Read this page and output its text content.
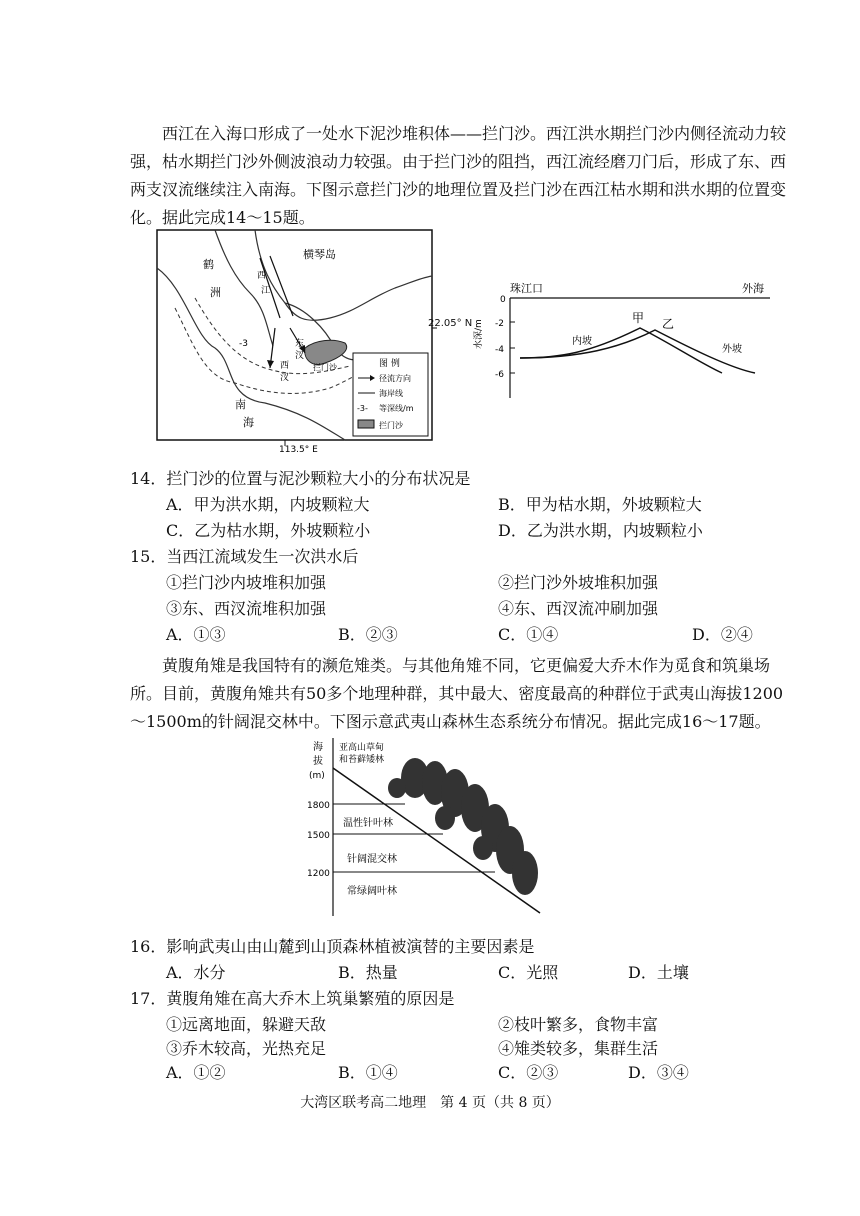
西江在入海口形成了一处水下泥沙堆积体——拦门沙。西江洪水期拦门沙内侧径流动力较强，枯水期拦门沙外侧波浪动力较强。由于拦门沙的阻挡，西江流经磨刀门后，形成了东、西两支汊流继续注入南海。下图示意拦门沙的地理位置及拦门沙在西江枯水期和洪水期的位置变化。据此完成14～15题。

鹤
洲
横琴岛
西
江
东
汊
西
汊
南
海
拦门沙
-3
113.5° E
图 例
径流方向
海岸线
-3- 等深线/m
拦门沙
22.05° N
珠江口	外海
0
-2
-4
-6
水深/m
甲 乙
内坡
外坡
14．拦门沙的位置与泥沙颗粒大小的分布状况是
A．甲为洪水期，内坡颗粒大	B．甲为枯水期，外坡颗粒大
C．乙为枯水期，外坡颗粒小	D．乙为洪水期，内坡颗粒小
15．当西江流域发生一次洪水后
①拦门沙内坡堆积加强	②拦门沙外坡堆积加强
③东、西汊流堆积加强	④东、西汊流冲刷加强
A．①③	B．②③	C．①④	D．②④

黄腹角雉是我国特有的濒危雉类。与其他角雉不同，它更偏爱大乔木作为觅食和筑巢场所。目前，黄腹角雉共有50多个地理种群，其中最大、密度最高的种群位于武夷山海拔1200～1500m的针阔混交林中。下图示意武夷山森林生态系统分布情况。据此完成16～17题。

海
拔
(m)
1800
1500
1200
亚高山草甸
和苔藓矮林
温性针叶林
针阔混交林
常绿阔叶林
16．影响武夷山由山麓到山顶森林植被演替的主要因素是
A．水分	B．热量	C．光照	D．土壤
17．黄腹角雉在高大乔木上筑巢繁殖的原因是
①远离地面，躲避天敌	②枝叶繁多，食物丰富
③乔木较高，光热充足	④雉类较多，集群生活
A．①②	B．①④	C．②③	D．③④
大湾区联考高二地理　第 4 页（共 8 页）
